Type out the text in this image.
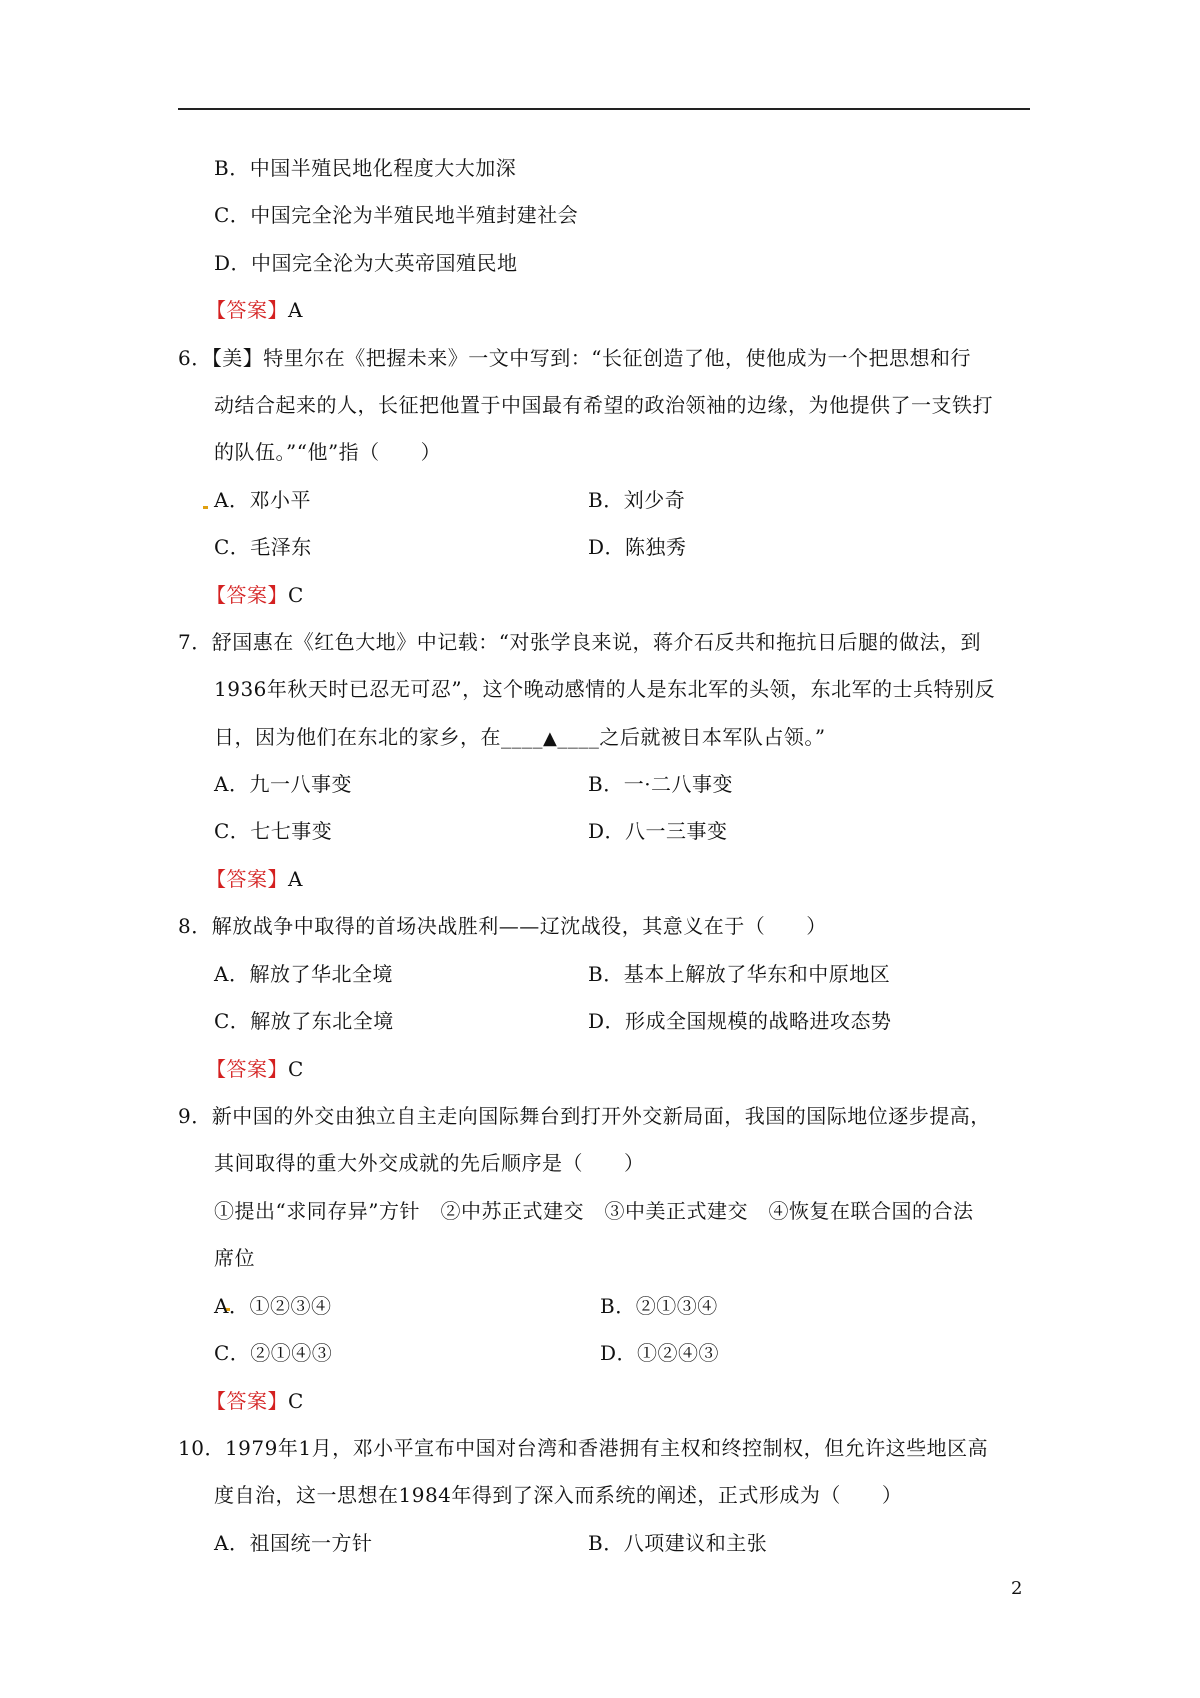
B．中国半殖民地化程度大大加深
C．中国完全沦为半殖民地半殖封建社会
D．中国完全沦为大英帝国殖民地
【答案】A
6．【美】特里尔在《把握未来》一文中写到：“长征创造了他，使他成为一个把思想和行
动结合起来的人，长征把他置于中国最有希望的政治领袖的边缘，为他提供了一支铁打
的队伍。”“他”指（　　）
A．邓小平	B．刘少奇
C．毛泽东	D．陈独秀
【答案】C
7．舒国惠在《红色大地》中记载：“对张学良来说，蒋介石反共和拖抗日后腿的做法，到
1936年秋天时已忍无可忍”，这个晚动感情的人是东北军的头领，东北军的士兵特别反
日，因为他们在东北的家乡，在____▲____之后就被日本军队占领。”
A．九一八事变	B．一·二八事变
C．七七事变	D．八一三事变
【答案】A
8．解放战争中取得的首场决战胜利——辽沈战役，其意义在于（　　）
A．解放了华北全境	B．基本上解放了华东和中原地区
C．解放了东北全境	D．形成全国规模的战略进攻态势
【答案】C
9．新中国的外交由独立自主走向国际舞台到打开外交新局面，我国的国际地位逐步提高，
其间取得的重大外交成就的先后顺序是（　　）
①提出“求同存异”方针　②中苏正式建交　③中美正式建交　④恢复在联合国的合法
席位
A．①②③④	B．②①③④
C．②①④③	D．①②④③
【答案】C
10．1979年1月，邓小平宣布中国对台湾和香港拥有主权和终控制权，但允许这些地区高
度自治，这一思想在1984年得到了深入而系统的阐述，正式形成为（　　）
A．祖国统一方针	B．八项建议和主张
2
